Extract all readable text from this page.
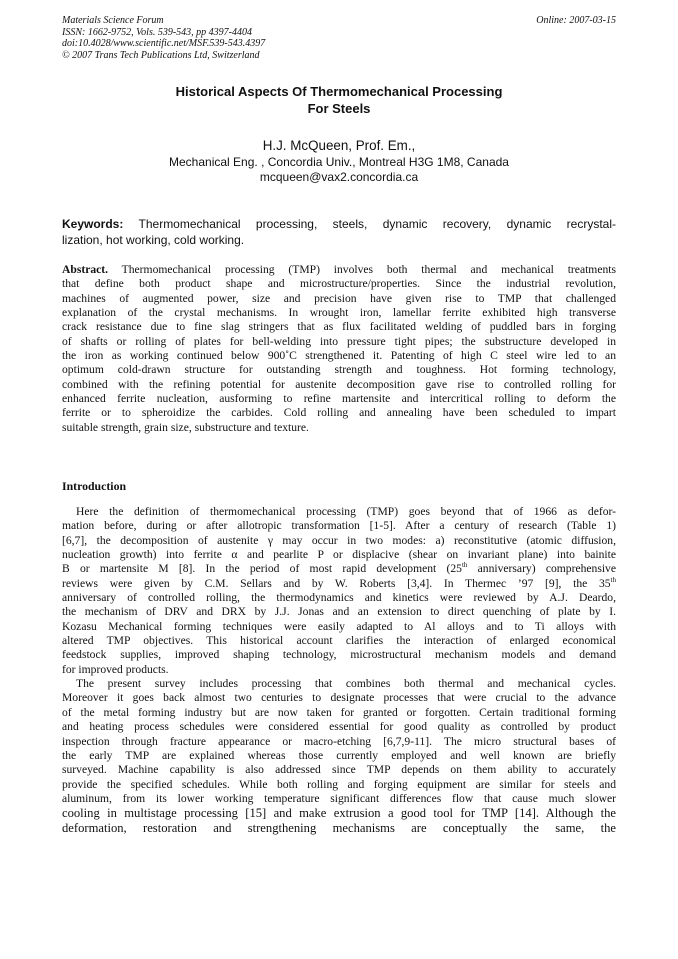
Materials Science Forum
ISSN: 1662-9752, Vols. 539-543, pp 4397-4404
doi:10.4028/www.scientific.net/MSF.539-543.4397
© 2007 Trans Tech Publications Ltd, Switzerland
Online: 2007-03-15
Historical Aspects Of Thermomechanical Processing
For Steels
H.J. McQueen, Prof. Em.,
Mechanical Eng. , Concordia Univ., Montreal H3G 1M8, Canada
mcqueen@vax2.concordia.ca

Keywords: Thermomechanical processing, steels, dynamic recovery, dynamic recrystal-

lization, hot working, cold working.

Abstract. Thermomechanical processing (TMP) involves both thermal and mechanical treatments
that define both product shape and microstructure/properties. Since the industrial revolution,
machines of augmented power, size and precision have given rise to TMP that challenged
explanation of the crystal mechanisms. In wrought iron, lamellar ferrite exhibited high transverse
crack resistance due to fine slag stringers that as flux facilitated welding of puddled bars in forging
of shafts or rolling of plates for bell-welding into pressure tight pipes; the substructure developed in
the iron as working continued below 900˚C strengthened it. Patenting of high C steel wire led to an
optimum cold-drawn structure for outstanding strength and toughness. Hot forming technology,
combined with the refining potential for austenite decomposition gave rise to controlled rolling for
enhanced ferrite nucleation, ausforming to refine martensite and intercritical rolling to deform the
ferrite or to spheroidize the carbides. Cold rolling and annealing have been scheduled to impart
suitable strength, grain size, substructure and texture.
Introduction
Here the definition of thermomechanical processing (TMP) goes beyond that of 1966 as defor-
mation before, during or after allotropic transformation [1-5]. After a century of research (Table 1)
[6,7], the decomposition of austenite γ may occur in two modes: a) reconstitutive (atomic diffusion,
nucleation growth) into ferrite α and pearlite P or displacive (shear on invariant plane) into bainite
B or martensite M [8]. In the period of most rapid development (25th anniversary) comprehensive
reviews were given by C.M. Sellars and by W. Roberts [3,4]. In Thermec ’97 [9], the 35th
anniversary of controlled rolling, the thermodynamics and kinetics were reviewed by A.J. Deardo,
the mechanism of DRV and DRX by J.J. Jonas and an extension to direct quenching of plate by I.
Kozasu Mechanical forming techniques were easily adapted to Al alloys and to Ti alloys with
altered TMP objectives. This historical account clarifies the interaction of enlarged economical
feedstock supplies, improved shaping technology, microstructural mechanism models and demand
for improved products.
The present survey includes processing that combines both thermal and mechanical cycles.
Moreover it goes back almost two centuries to designate processes that were crucial to the advance
of the metal forming industry but are now taken for granted or forgotten. Certain traditional forming
and heating process schedules were considered essential for good quality as controlled by product
inspection through fracture appearance or macro-etching [6,7,9-11]. The micro structural bases of
the early TMP are explained whereas those currently employed and well known are briefly
surveyed. Machine capability is also addressed since TMP depends on them ability to accurately
provide the specified schedules. While both rolling and forging equipment are similar for steels and
aluminum, from its lower working temperature significant differences flow that cause much slower
cooling in multistage processing [15] and make extrusion a good tool for TMP [14]. Although the
deformation, restoration and strengthening mechanisms are conceptually the same, the
